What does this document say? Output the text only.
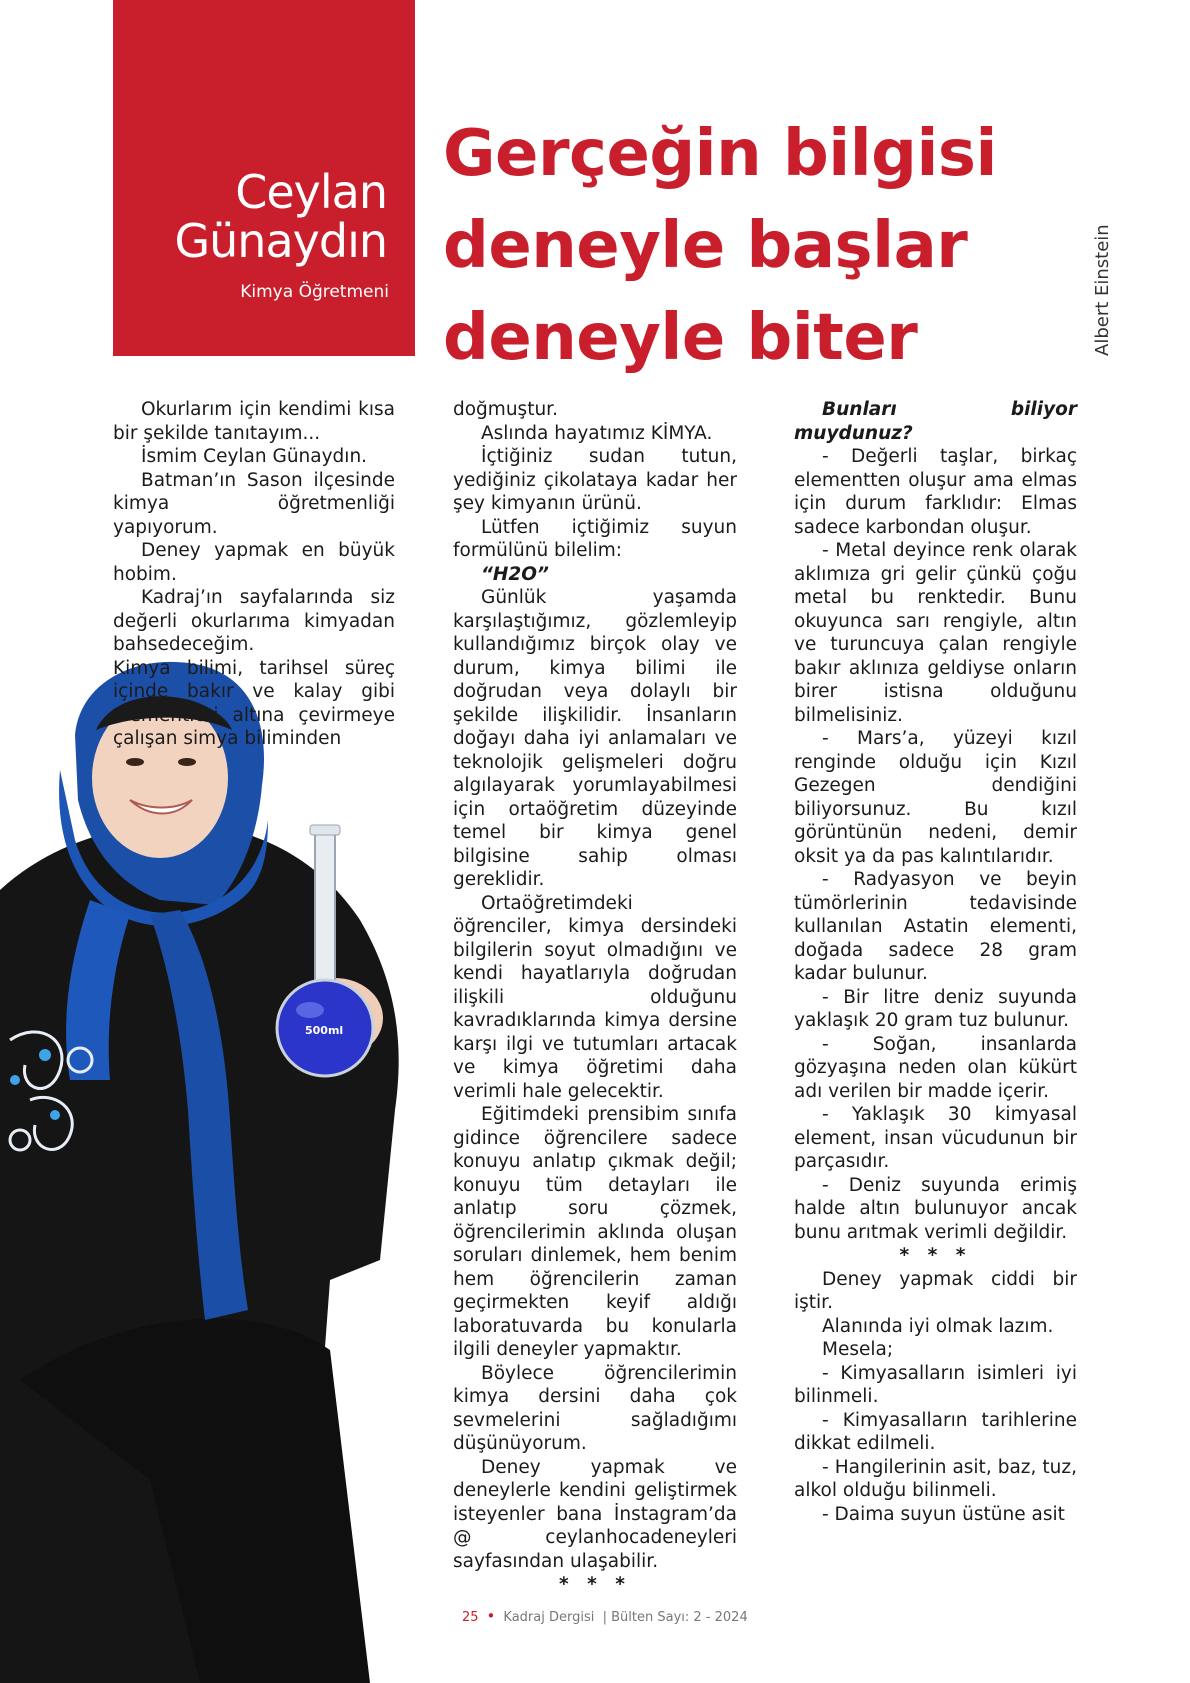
Ceylan
Günaydın
Kimya Öğretmeni
Gerçeğin bilgisi
deneyle başlar
deneyle biter	Albert Einstein
500ml

Okurlarım için kendimi kısa bir şekilde tanıtayım...

İsmim Ceylan Günaydın.

Batman’ın Sason ilçesinde kimya öğretmenliği yapıyorum.

Deney yapmak en büyük hobim.

Kadraj’ın sayfalarında siz değerli okurlarıma kimyadan bahsedeceğim.

Kimya bilimi, tarihsel süreç içinde bakır ve kalay gibi elementleri altına çevirmeye çalışan simya biliminden

doğmuştur.

Aslında hayatımız KİMYA.

İçtiğiniz sudan tutun, yediğiniz çikolataya kadar her şey kimyanın ürünü.

Lütfen içtiğimiz suyun formülünü bilelim:

“H2O”

Günlük yaşamda karşılaştığımız, gözlemleyip kullandığımız birçok olay ve durum, kimya bilimi ile doğrudan veya dolaylı bir şekilde ilişkilidir. İnsanların doğayı daha iyi anlamaları ve teknolojik gelişmeleri doğru algılayarak yorumlayabilmesi için ortaöğretim düzeyinde temel bir kimya genel bilgisine sahip olması gereklidir.

Ortaöğretimdeki öğrenciler, kimya dersindeki bilgilerin soyut olmadığını ve kendi hayatlarıyla doğrudan ilişkili olduğunu kavradıklarında kimya dersine karşı ilgi ve tutumları artacak ve kimya öğretimi daha verimli hale gelecektir.

Eğitimdeki prensibim sınıfa gidince öğrencilere sadece konuyu anlatıp çıkmak değil; konuyu tüm detayları ile anlatıp soru çözmek, öğrencilerimin aklında oluşan soruları dinlemek, hem benim hem öğrencilerin zaman geçirmekten keyif aldığı laboratuvarda bu konularla ilgili deneyler yapmaktır.

Böylece öğrencilerimin kimya dersini daha çok sevmelerini sağladığımı düşünüyorum.

Deney yapmak ve deneylerle kendini geliştirmek isteyenler bana İnstagram’da @ ceylanhocadeneyleri sayfasından ulaşabilir.

* * *

Bunları biliyor muydunuz?

- Değerli taşlar, birkaç elementten oluşur ama elmas için durum farklıdır: Elmas sadece karbondan oluşur.

- Metal deyince renk olarak aklımıza gri gelir çünkü çoğu metal bu renktedir. Bunu okuyunca sarı rengiyle, altın ve turuncuya çalan rengiyle bakır aklınıza geldiyse onların birer istisna olduğunu bilmelisiniz.

- Mars’a, yüzeyi kızıl renginde olduğu için Kızıl Gezegen dendiğini biliyorsunuz. Bu kızıl görüntünün nedeni, demir oksit ya da pas kalıntılarıdır.

- Radyasyon ve beyin tümörlerinin tedavisinde kullanılan Astatin elementi, doğada sadece 28 gram kadar bulunur.

- Bir litre deniz suyunda yaklaşık 20 gram tuz bulunur.

- Soğan, insanlarda gözyaşına neden olan kükürt adı verilen bir madde içerir.

- Yaklaşık 30 kimyasal element, insan vücudunun bir parçasıdır.

- Deniz suyunda erimiş halde altın bulunuyor ancak bunu arıtmak verimli değildir.

* * *

Deney yapmak ciddi bir iştir.

Alanında iyi olmak lazım.

Mesela;

- Kimyasalların isimleri iyi bilinmeli.

- Kimyasalların tarihlerine dikkat edilmeli.

- Hangilerinin asit, baz, tuz, alkol olduğu bilinmeli.

- Daima suyun üstüne asit

25 • Kadraj Dergisi | Bülten Sayı: 2 - 2024
